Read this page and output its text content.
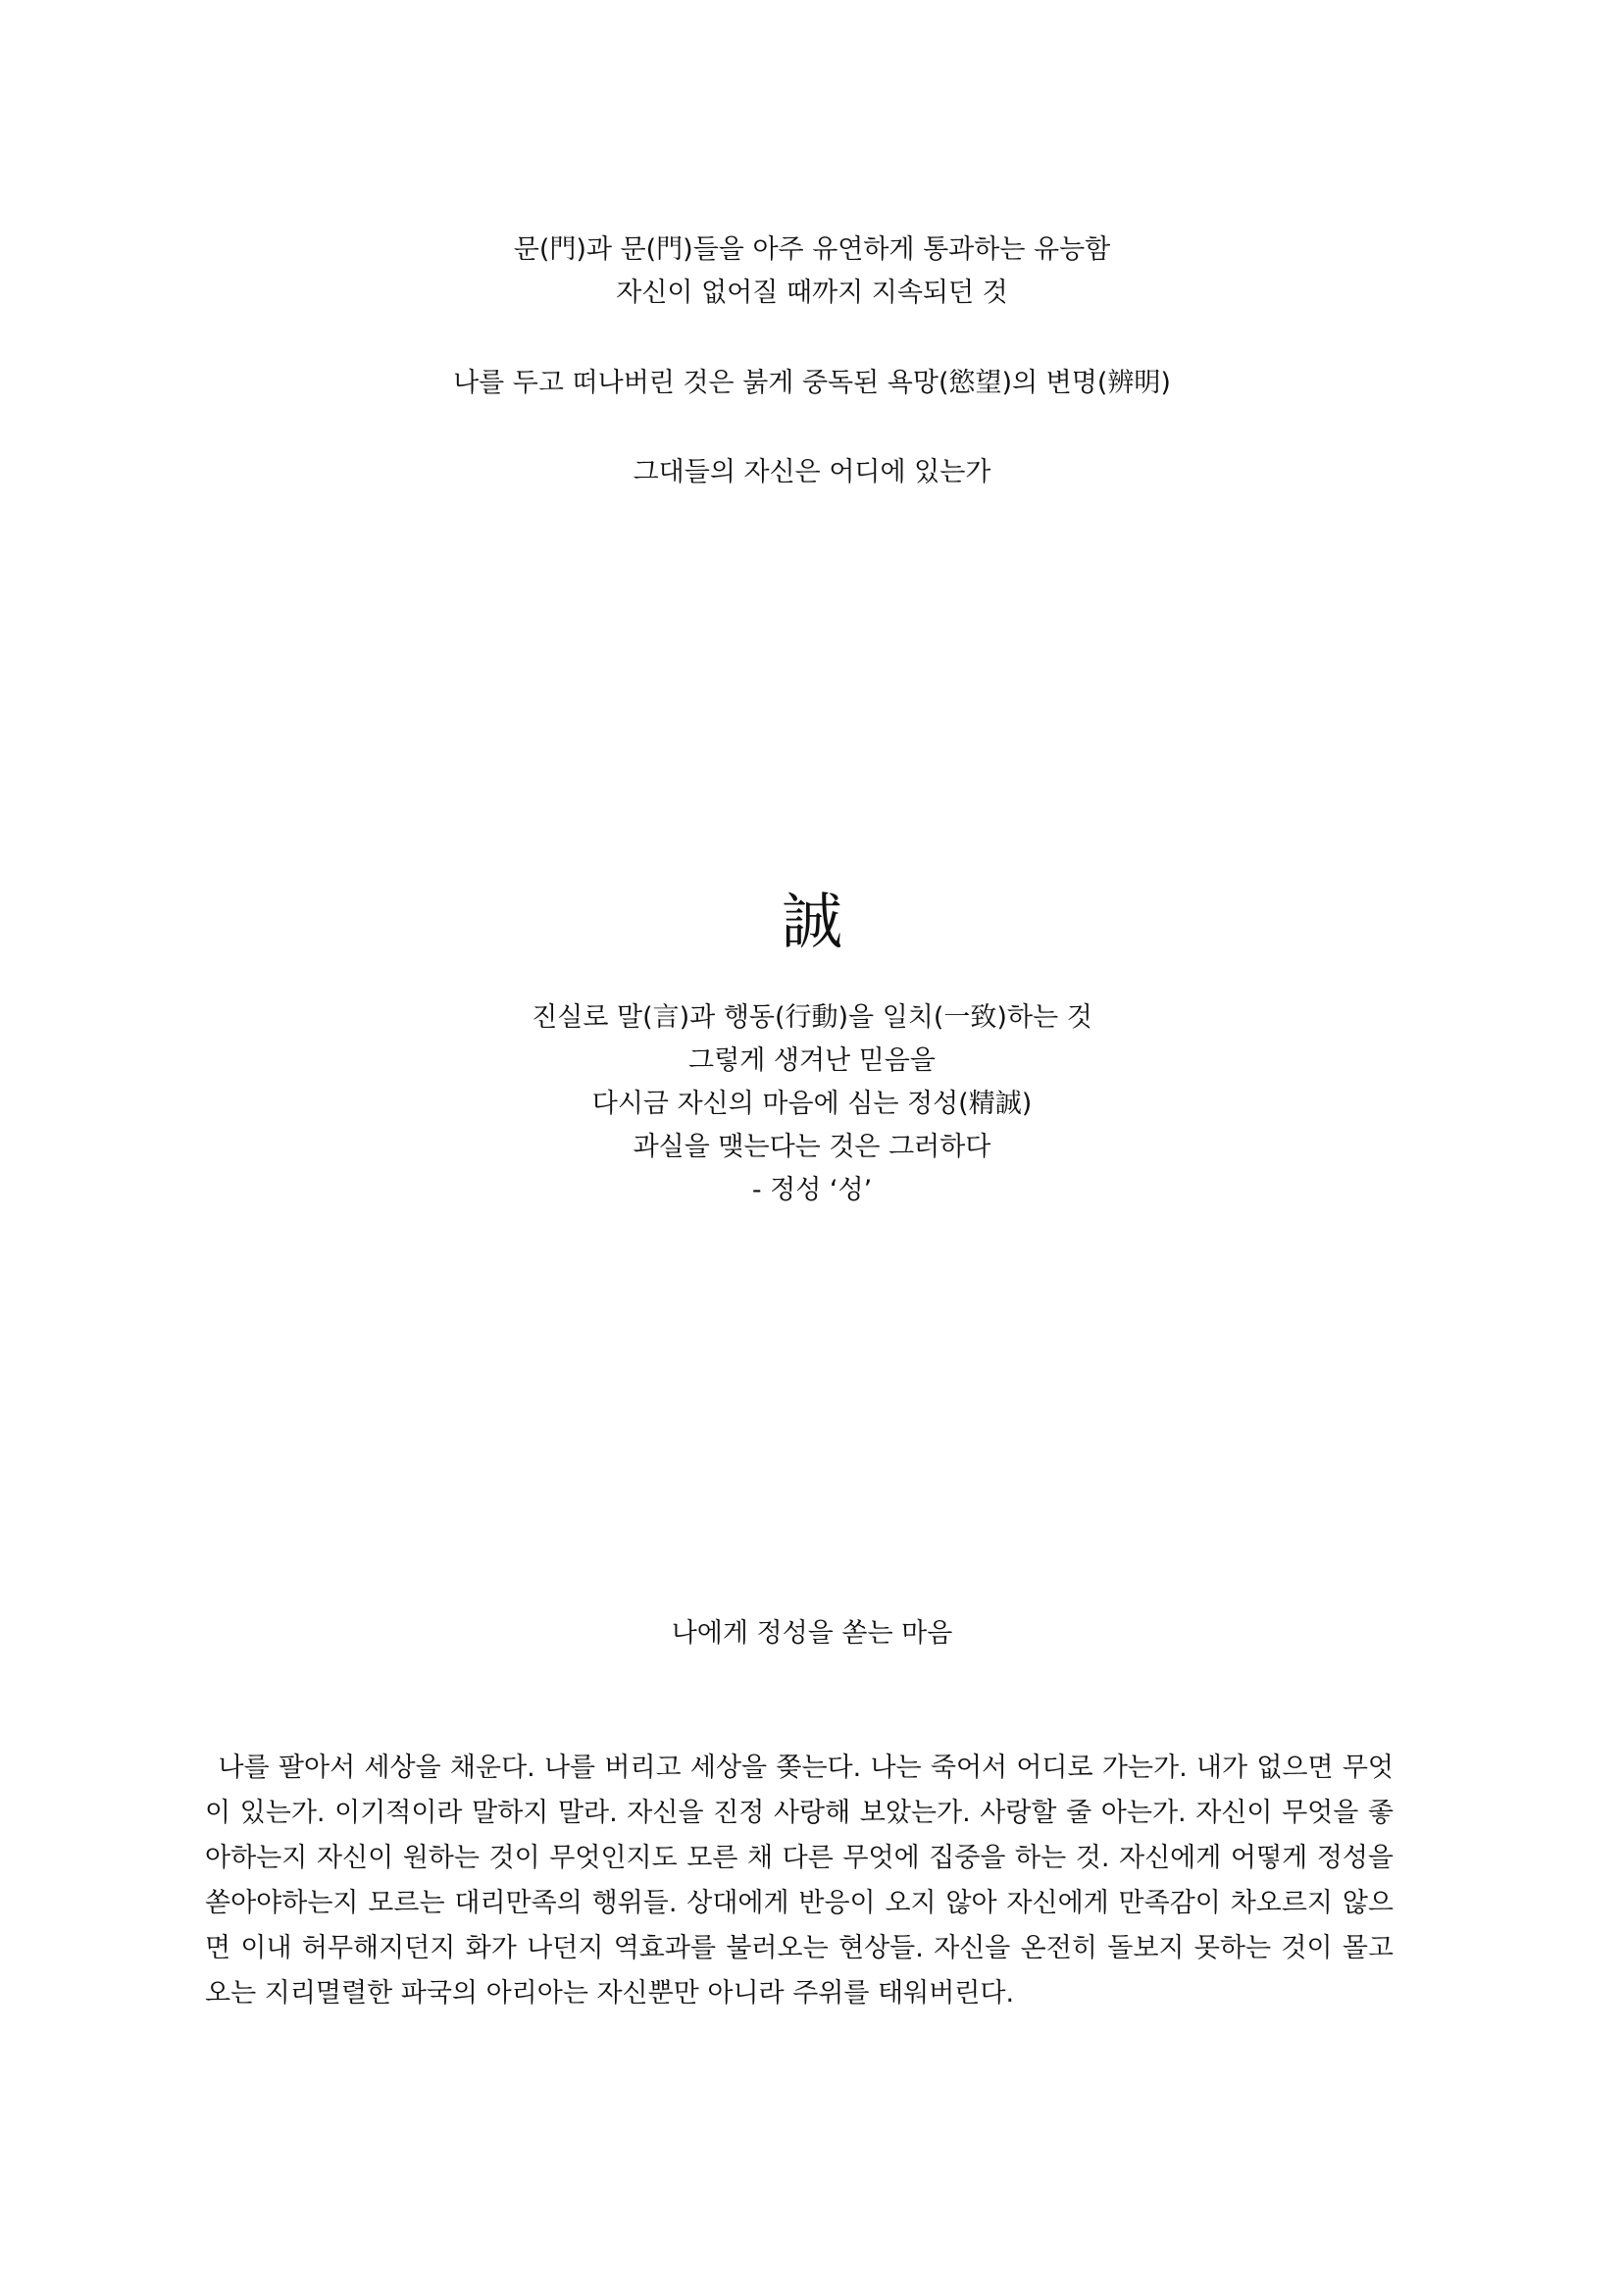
문(門)과 문(門)들을 아주 유연하게 통과하는 유능함
자신이 없어질 때까지 지속되던 것
나를 두고 떠나버린 것은 붉게 중독된 욕망(慾望)의 변명(辨明)
그대들의 자신은 어디에 있는가
誠
진실로 말(言)과 행동(行動)을 일치(一致)하는 것
그렇게 생겨난 믿음을
다시금 자신의 마음에 심는 정성(精誠)
과실을 맺는다는 것은 그러하다
- 정성 ‘성’
나에게 정성을 쏟는 마음

나를 팔아서 세상을 채운다. 나를 버리고 세상을 쫒는다. 나는 죽어서 어디로 가는가. 내가 없으면 무엇이 있는가. 이기적이라 말하지 말라. 자신을 진정 사랑해 보았는가. 사랑할 줄 아는가. 자신이 무엇을 좋아하는지 자신이 원하는 것이 무엇인지도 모른 채 다른 무엇에 집중을 하는 것. 자신에게 어떻게 정성을 쏟아야하는지 모르는 대리만족의 행위들. 상대에게 반응이 오지 않아 자신에게 만족감이 차오르지 않으면 이내 허무해지던지 화가 나던지 역효과를 불러오는 현상들. 자신을 온전히 돌보지 못하는 것이 몰고 오는 지리멸렬한 파국의 아리아는 자신뿐만 아니라 주위를 태워버린다.
